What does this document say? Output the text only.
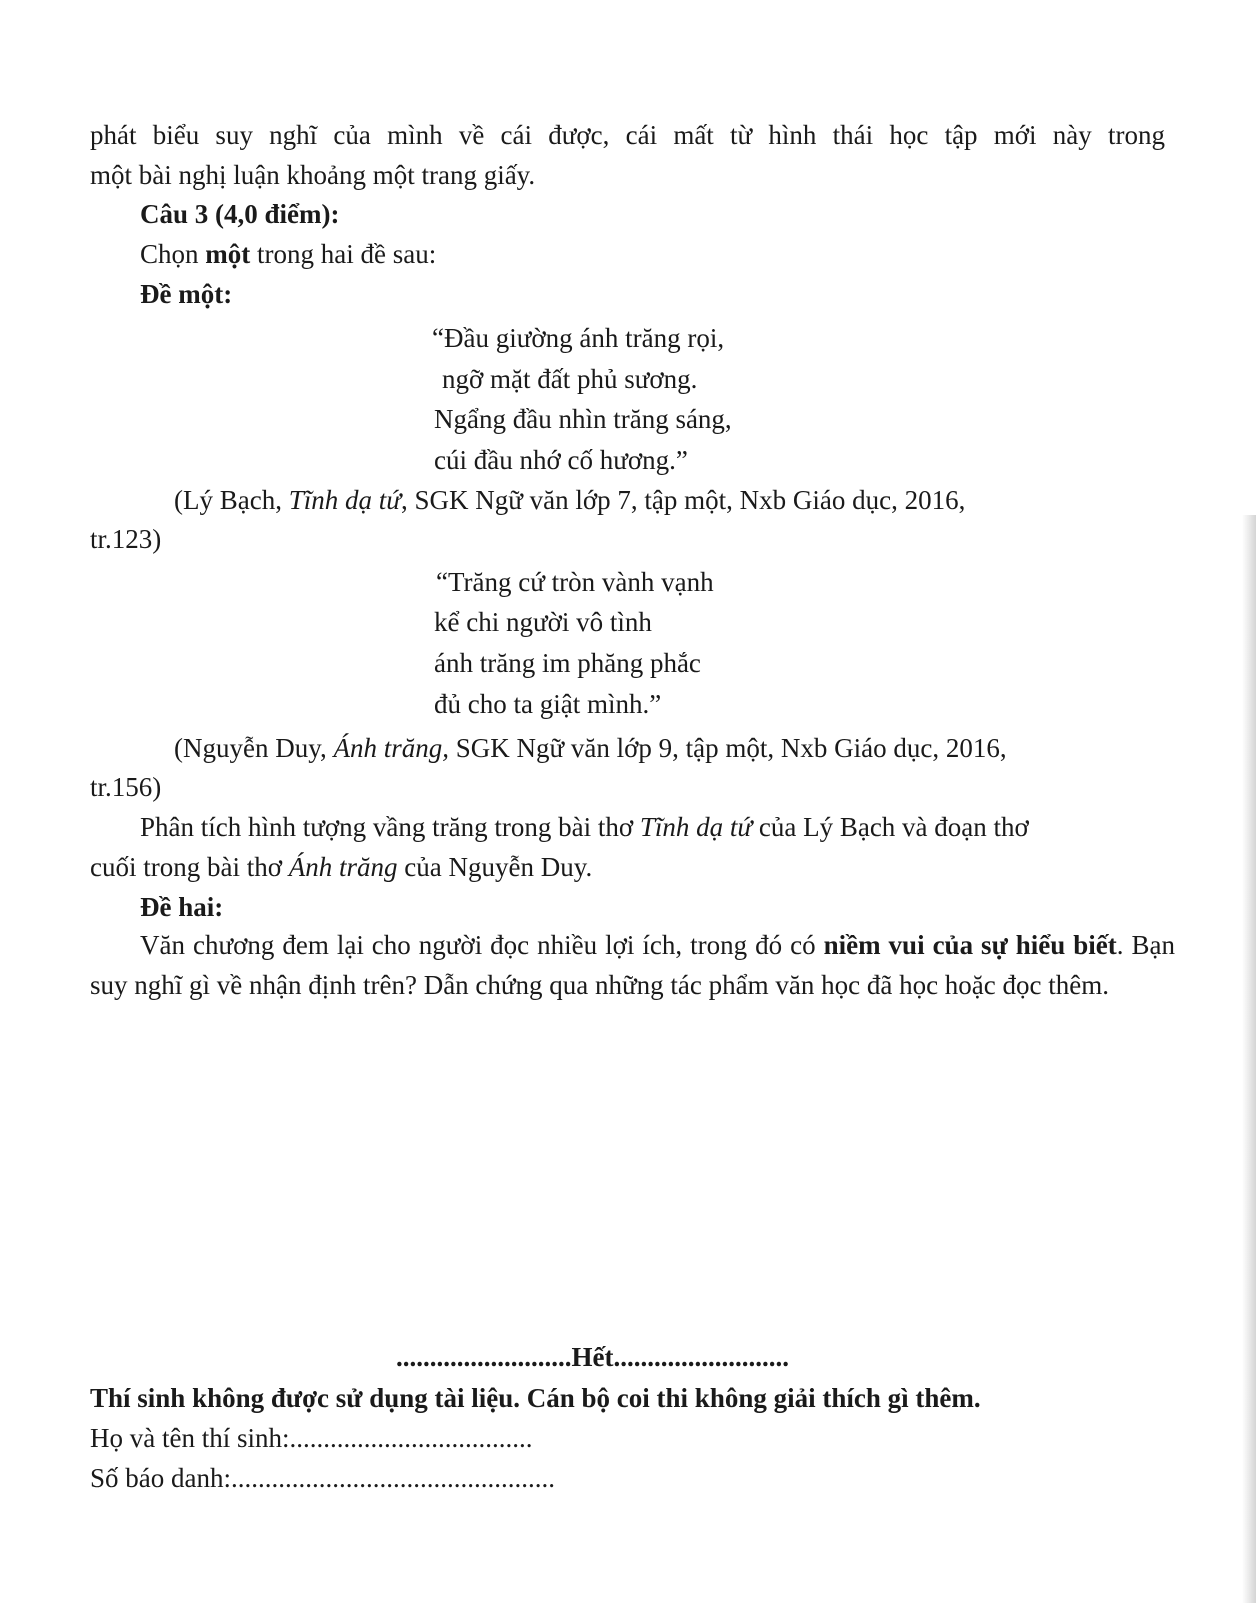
phát biểu suy nghĩ của mình về cái được, cái mất từ hình thái học tập mới này trong
một bài nghị luận khoảng một trang giấy.
Câu 3 (4,0 điểm):
Chọn một trong hai đề sau:
Đề một:
“Đầu giường ánh trăng rọi,
ngỡ mặt đất phủ sương.
Ngẩng đầu nhìn trăng sáng,
cúi đầu nhớ cố hương.”
(Lý Bạch, Tĩnh dạ tứ, SGK Ngữ văn lớp 7, tập một, Nxb Giáo dục, 2016,
tr.123)
“Trăng cứ tròn vành vạnh
kể chi người vô tình
ánh trăng im phăng phắc
đủ cho ta giật mình.”
(Nguyễn Duy, Ánh trăng, SGK Ngữ văn lớp 9, tập một, Nxb Giáo dục, 2016,
tr.156)
Phân tích hình tượng vầng trăng trong bài thơ Tĩnh dạ tứ của Lý Bạch và đoạn thơ
cuối trong bài thơ Ánh trăng của Nguyễn Duy.
Đề hai:
Văn chương đem lại cho người đọc nhiều lợi ích, trong đó có niềm vui của sự hiểu biết. Bạn suy nghĩ gì về nhận định trên? Dẫn chứng qua những tác phẩm văn học đã học hoặc đọc thêm.
..........................Hết..........................
Thí sinh không được sử dụng tài liệu. Cán bộ coi thi không giải thích gì thêm.
Họ và tên thí sinh:....................................
Số báo danh:................................................
